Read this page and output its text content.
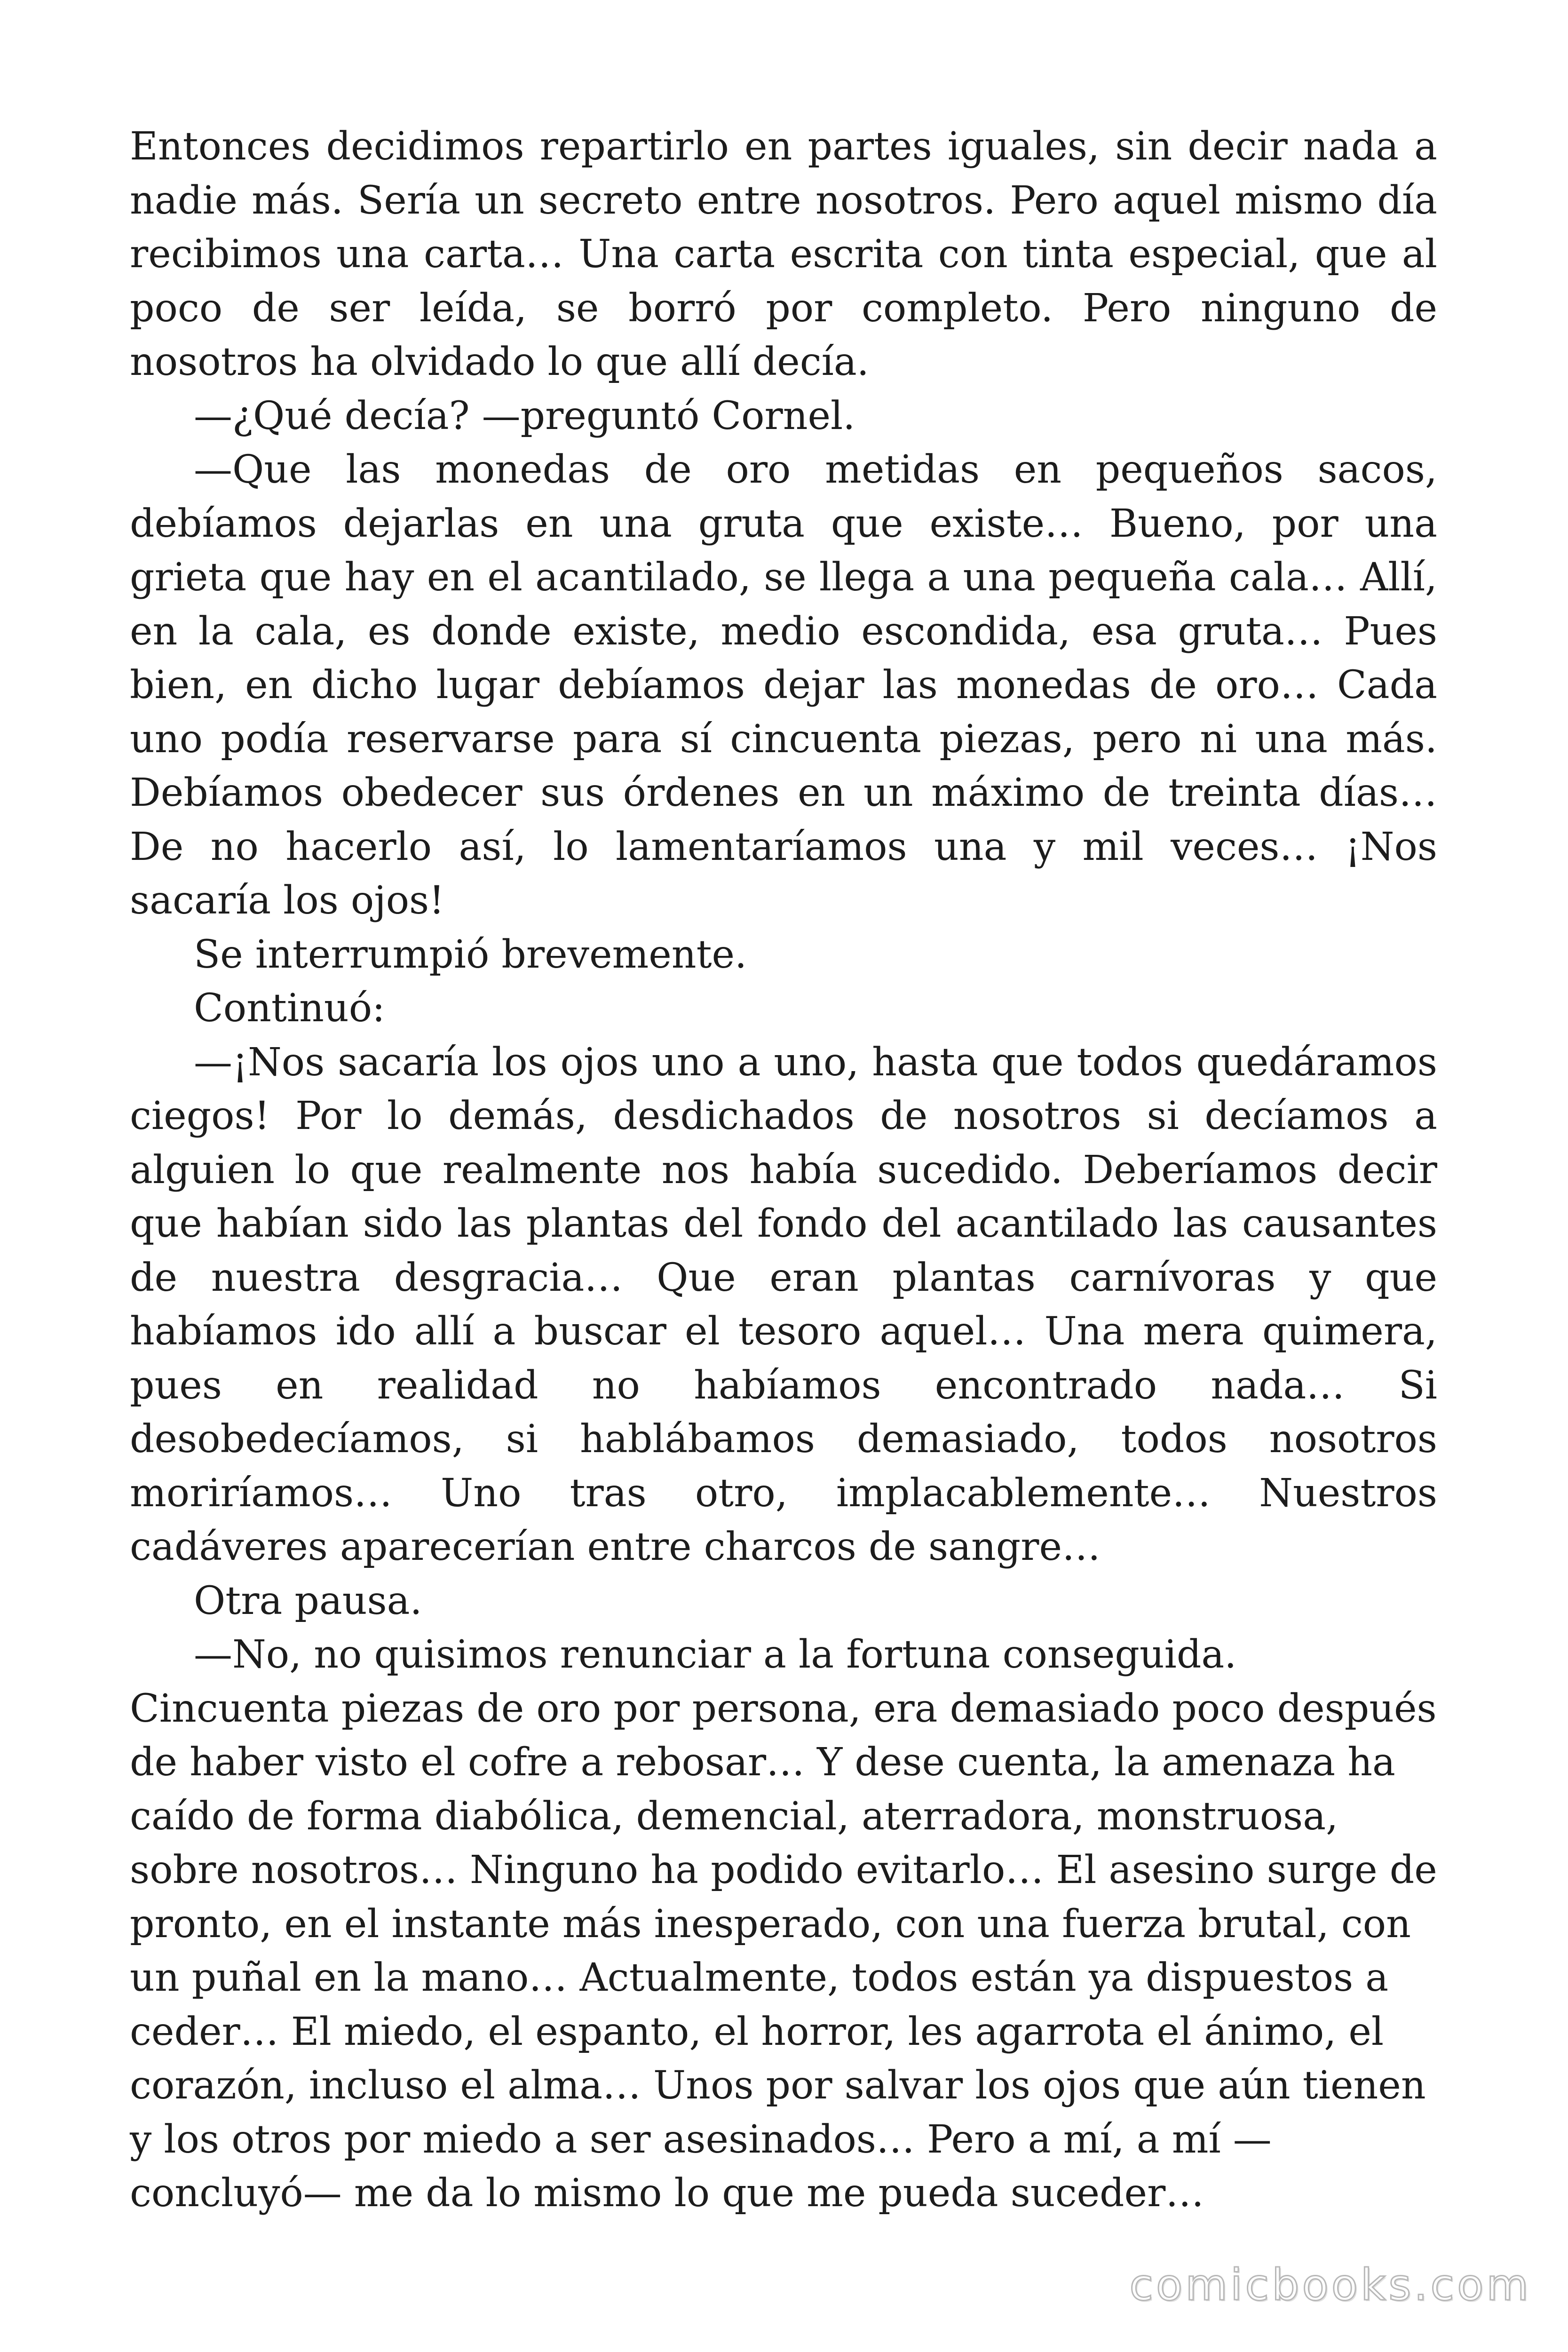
Entonces decidimos repartirlo en partes iguales, sin decir nada a nadie más. Sería un secreto entre nosotros. Pero aquel mismo día recibimos una carta… Una carta escrita con tinta especial, que al poco de ser leída, se borró por completo. Pero ninguno de nosotros ha olvidado lo que allí decía.

—¿Qué decía? —preguntó Cornel.

—Que las monedas de oro metidas en pequeños sacos, debíamos dejarlas en una gruta que existe… Bueno, por una grieta que hay en el acantilado, se llega a una pequeña cala… Allí, en la cala, es donde existe, medio escondida, esa gruta… Pues bien, en dicho lugar debíamos dejar las monedas de oro… Cada uno podía reservarse para sí cincuenta piezas, pero ni una más. Debíamos obedecer sus órdenes en un máximo de treinta días… De no hacerlo así, lo lamentaríamos una y mil veces… ¡Nos sacaría los ojos!

Se interrumpió brevemente.

Continuó:

—¡Nos sacaría los ojos uno a uno, hasta que todos quedáramos ciegos! Por lo demás, desdichados de nosotros si decíamos a alguien lo que realmente nos había sucedido. Deberíamos decir que habían sido las plantas del fondo del acantilado las causantes de nuestra desgracia… Que eran plantas carnívoras y que habíamos ido allí a buscar el tesoro aquel… Una mera quimera, pues en realidad no habíamos encontrado nada… Si desobedecíamos, si hablábamos demasiado, todos nosotros moriríamos… Uno tras otro, implacablemente… Nuestros cadáveres aparecerían entre charcos de sangre…

Otra pausa.

—No, no quisimos renunciar a la fortuna conseguida. Cincuenta piezas de oro por persona, era demasiado poco después de haber visto el cofre a rebosar… Y dese cuenta, la amenaza ha caído de forma diabólica, demencial, aterradora, monstruosa, sobre nosotros… Ninguno ha podido evitarlo… El asesino surge de pronto, en el instante más inesperado, con una fuerza brutal, con un puñal en la mano… Actualmente, todos están ya dispuestos a ceder… El miedo, el espanto, el horror, les agarrota el ánimo, el corazón, incluso el alma… Unos por salvar los ojos que aún tienen y los otros por miedo a ser asesinados… Pero a mí, a mí —concluyó— me da lo mismo lo que me pueda suceder…

comicbooks.com
